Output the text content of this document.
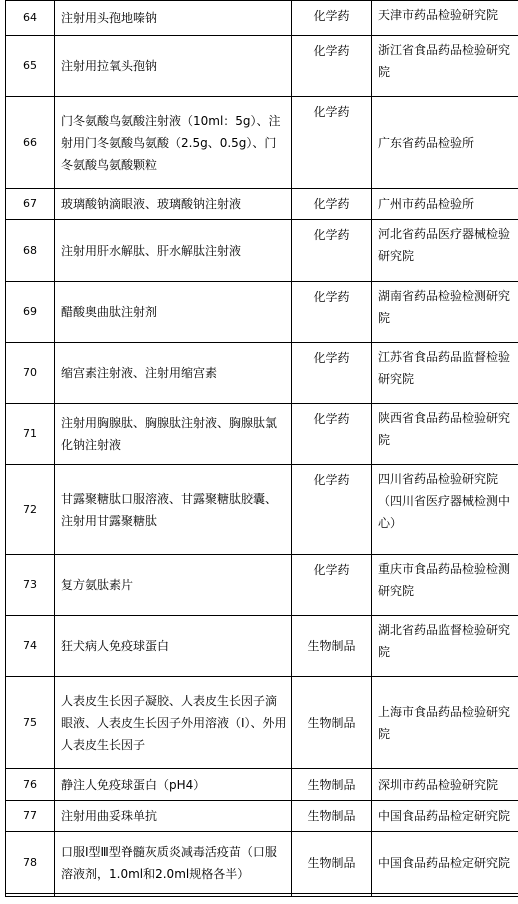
64	注射用头孢地嗪钠	化学药	天津市药品检验研究院
65	注射用拉氧头孢钠	化学药	浙江省食品药品检验研究院
66	门冬氨酸鸟氨酸注射液（10ml：5g）、注射用门冬氨酸鸟氨酸（2.5g、0.5g）、门冬氨酸鸟氨酸颗粒	化学药	广东省药品检验所
67	玻璃酸钠滴眼液、玻璃酸钠注射液	化学药	广州市药品检验所
68	注射用肝水解肽、肝水解肽注射液	化学药	河北省药品医疗器械检验研究院
69	醋酸奥曲肽注射剂	化学药	湖南省药品检验检测研究院
70	缩宫素注射液、注射用缩宫素	化学药	江苏省食品药品监督检验研究院
71	注射用胸腺肽、胸腺肽注射液、胸腺肽氯化钠注射液	化学药	陕西省食品药品检验研究院
72	甘露聚糖肽口服溶液、甘露聚糖肽胶囊、注射用甘露聚糖肽	化学药	四川省药品检验研究院（四川省医疗器械检测中心）
73	复方氨肽素片	化学药	重庆市食品药品检验检测研究院
74	狂犬病人免疫球蛋白	生物制品	湖北省药品监督检验研究院
75	人表皮生长因子凝胶、人表皮生长因子滴眼液、人表皮生长因子外用溶液（Ⅰ）、外用人表皮生长因子	生物制品	上海市食品药品检验研究院
76	静注人免疫球蛋白（pH4）	生物制品	深圳市药品检验研究院
77	注射用曲妥珠单抗	生物制品	中国食品药品检定研究院
78	口服Ⅰ型Ⅲ型脊髓灰质炎减毒活疫苗（口服溶液剂，1.0ml和2.0ml规格各半）	生物制品	中国食品药品检定研究院
